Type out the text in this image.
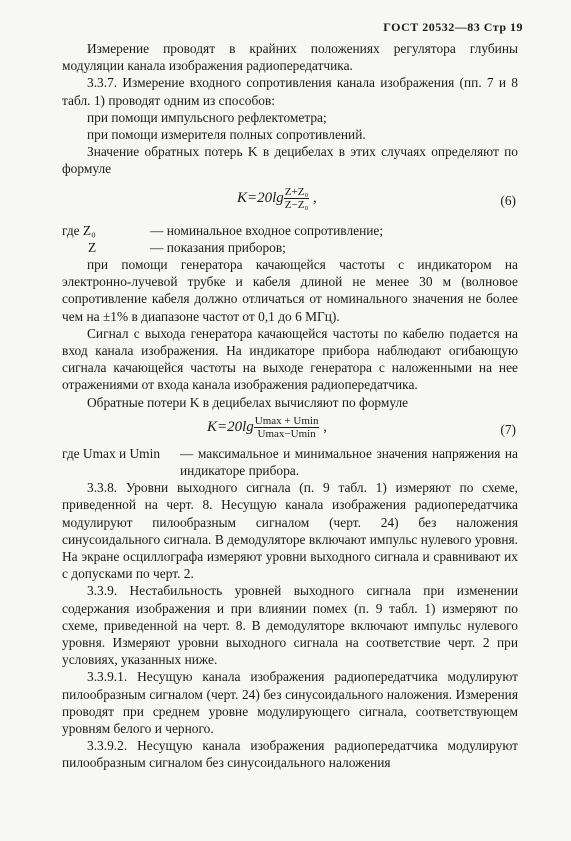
ГОСТ 20532—83 Стр 19

Измерение проводят в крайних положениях регулятора глубины модуляции канала изображения радиопередатчика.

3.3.7. Измерение входного сопротивления канала изображения (пп. 7 и 8 табл. 1) проводят одним из способов:

при помощи импульсного рефлектометра;

при помощи измерителя полных сопротивлений.

Значение обратных потерь K в децибелах в этих случаях определяют по формуле

$K=20\lg \frac{\text{Z+Z₀}}{\text{Z−Z₀}}$ ,	(6)
где Z₀	— номинальное входное сопротивление;
Z	— показания приборов;

при помощи генератора качающейся частоты с индикатором на электронно-лучевой трубке и кабеля длиной не менее 30 м (волновое сопротивление кабеля должно отличаться от номинального значения не более чем на ±1% в диапазоне частот от 0,1 до 6 МГц).

Сигнал с выхода генератора качающейся частоты по кабелю подается на вход канала изображения. На индикаторе прибора наблюдают огибающую сигнала качающейся частоты на выходе генератора с наложенными на нее отражениями от входа канала изображения радиопередатчика.

Обратные потери K в децибелах вычисляют по формуле

$K=20\lg \frac{Umax + Umin}{Umax-Umin}$ ,	(7)
где Umax и Umin	— максимальное и минимальное значения напряжения на индикаторе прибора.

3.3.8. Уровни выходного сигнала (п. 9 табл. 1) измеряют по схеме, приведенной на черт. 8. Несущую канала изображения радиопередатчика модулируют пилообразным сигналом (черт. 24) без наложения синусоидального сигнала. В демодуляторе включают импульс нулевого уровня. На экране осциллографа измеряют уровни выходного сигнала и сравнивают их с допусками по черт. 2.

3.3.9. Нестабильность уровней выходного сигнала при изменении содержания изображения и при влиянии помех (п. 9 табл. 1) измеряют по схеме, приведенной на черт. 8. В демодуляторе включают импульс нулевого уровня. Измеряют уровни выходного сигнала на соответствие черт. 2 при условиях, указанных ниже.

3.3.9.1. Несущую канала изображения радиопередатчика модулируют пилообразным сигналом (черт. 24) без синусоидального наложения. Измерения проводят при среднем уровне модулирующего сигнала, соответствующем уровням белого и черного.

3.3.9.2. Несущую канала изображения радиопередатчика модулируют пилообразным сигналом без синусоидального наложения
